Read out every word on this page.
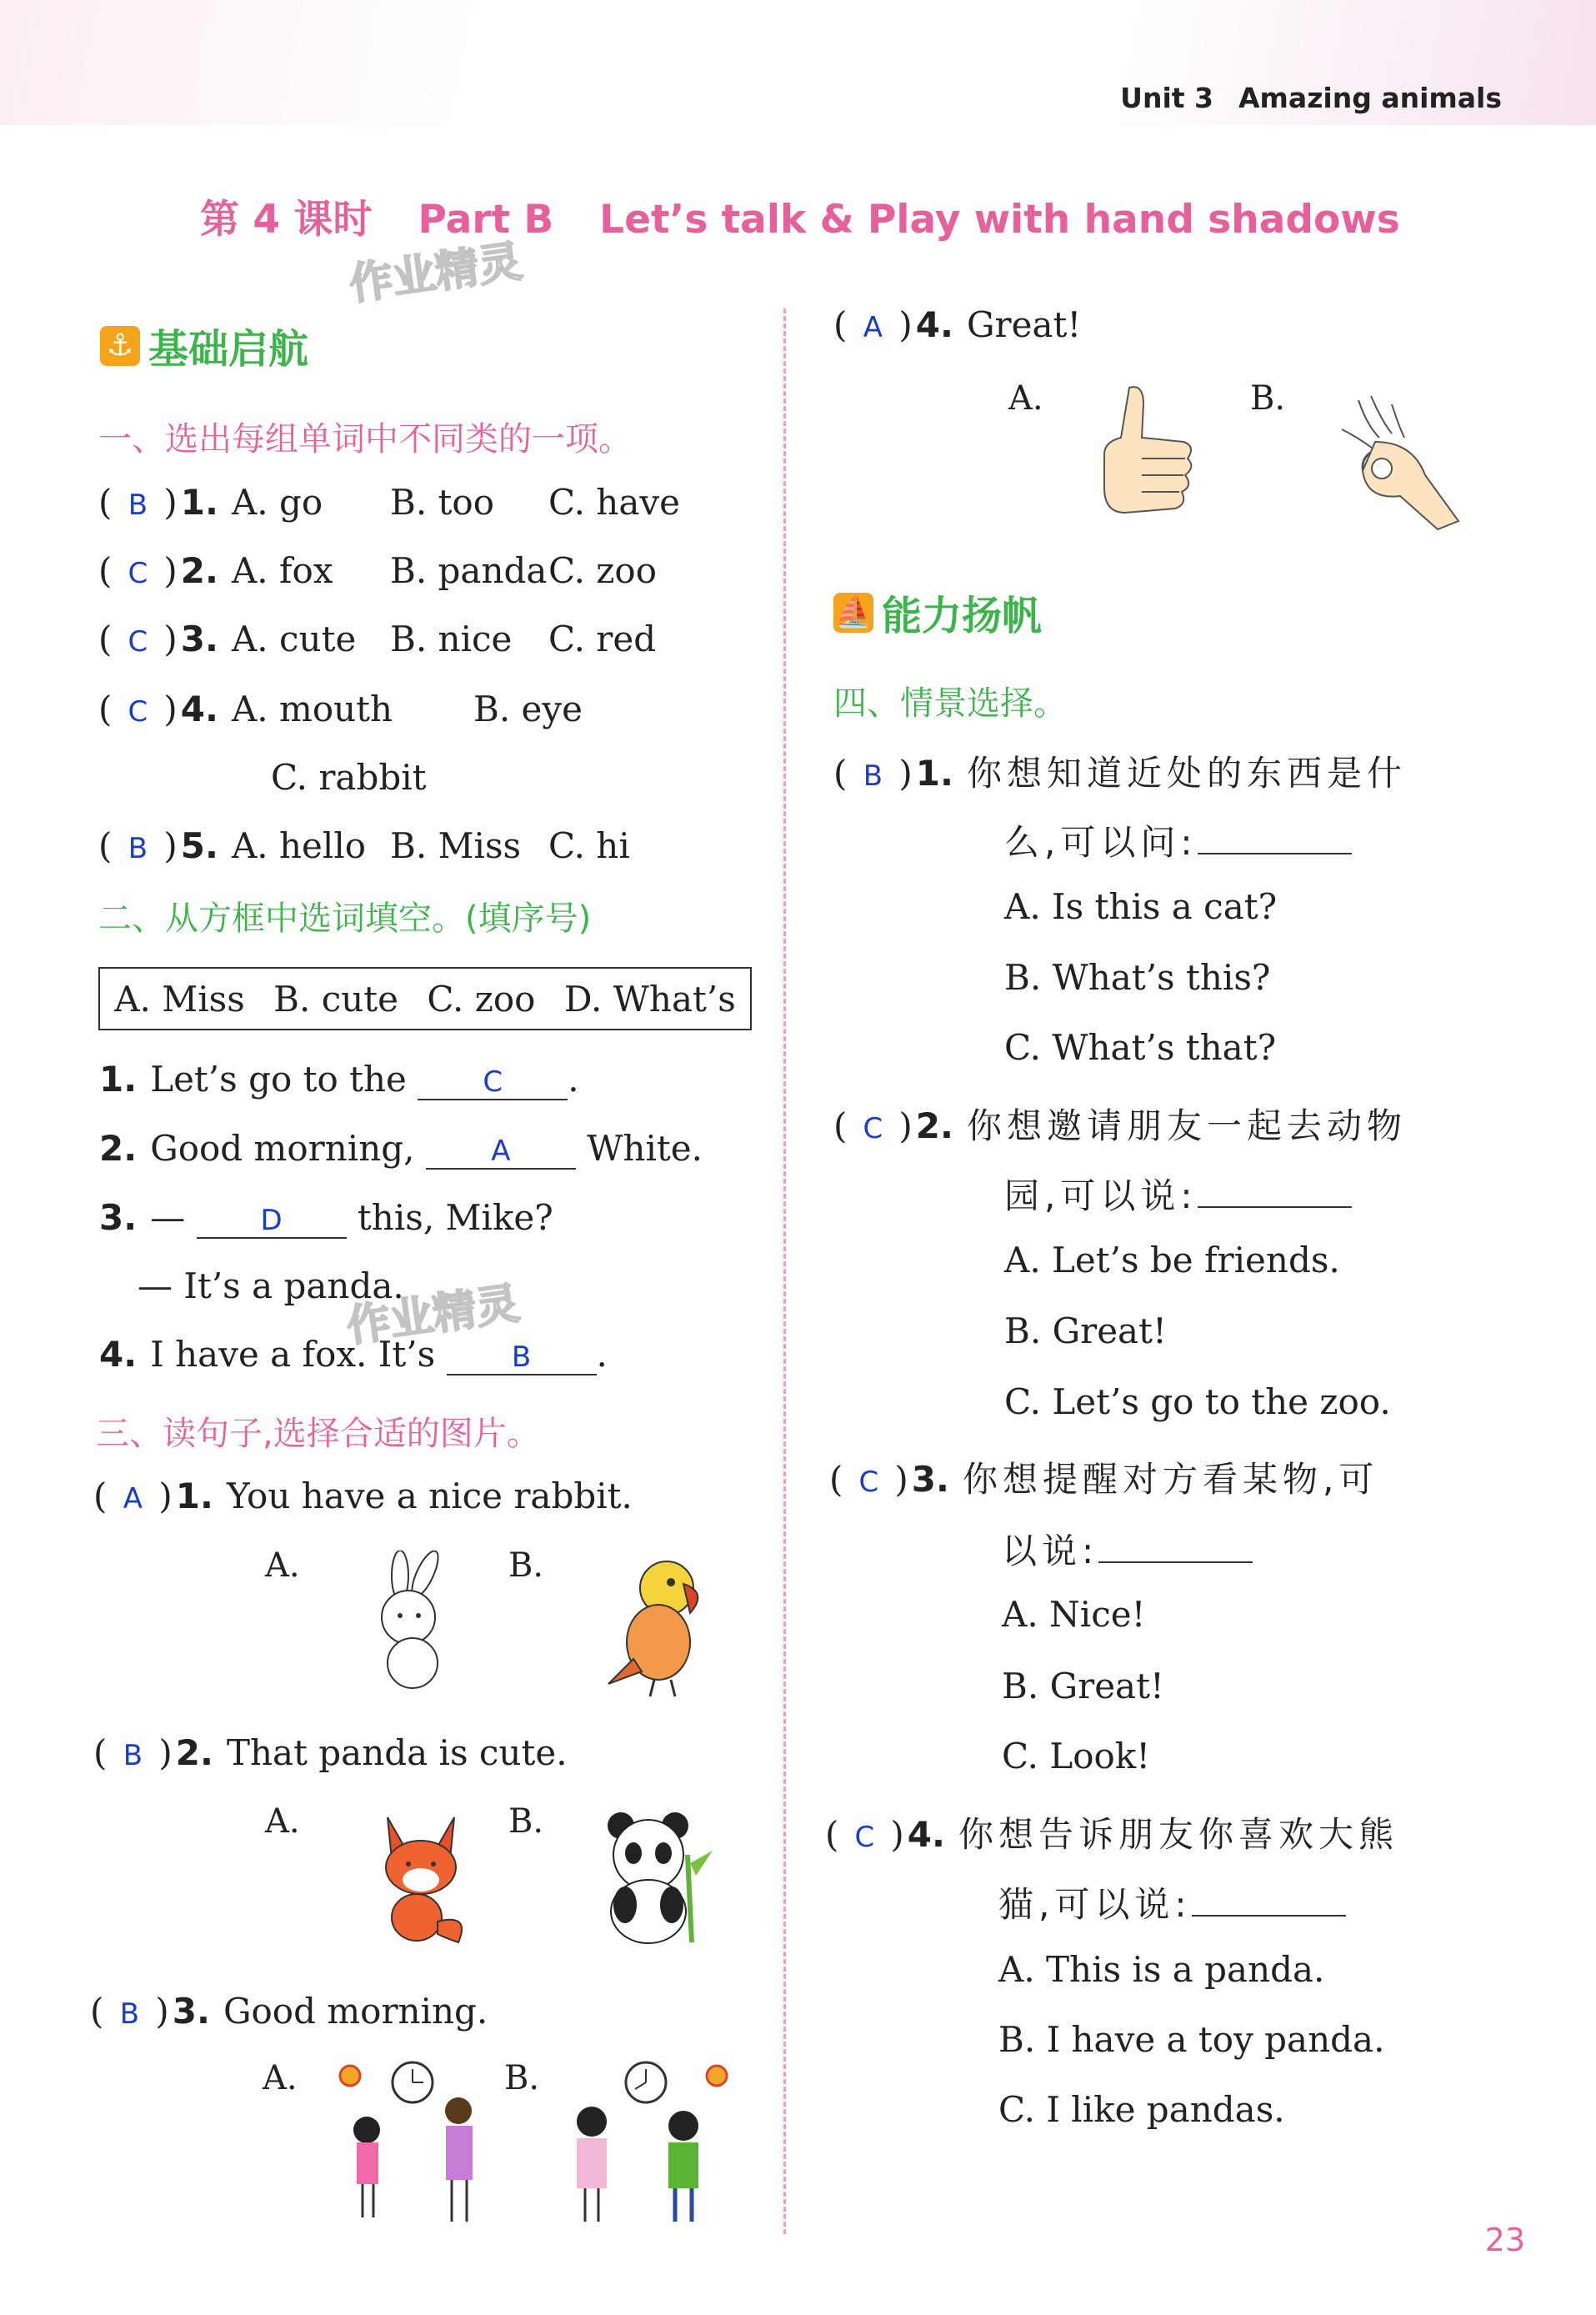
Unit 3 Amazing animals
第 4 课时 Part B Let’s talk & Play with hand shadows
作业精灵
作业精灵
⚓ 基础启航
一、选出每组单词中不同类的一项。
( B )1. A. go B. too C. have
( C )2. A. fox B. pandaC. zoo
( C )3. A. cute B. nice C. red
( C )4. A. mouth B. eye
C. rabbit
( B )5. A. hello B. Miss C. hi
二、从方框中选词填空。(填序号)
A. Miss B. cute C. zoo D. What’s
1. Let’s go to the	C .
2. Good morning,	A White.
3. —	D this, Mike?
— It’s a panda.
4. I have a fox. It’s	B .
三、读句子,选择合适的图片。
( A )1. You have a nice rabbit.
A.	B.
( B )2. That panda is cute.
A.	B.
( B )3. Good morning.
A.	B.
( A )4. Great!
A.	B.
⛵ 能力扬帆
四、情景选择。
( B )1. 你想知道近处的东西是什
么,可以问:
A. Is this a cat?
B. What’s this?
C. What’s that?
( C )2. 你想邀请朋友一起去动物
园,可以说:
A. Let’s be friends.
B. Great!
C. Let’s go to the zoo.
( C )3. 你想提醒对方看某物,可
以说:
A. Nice!
B. Great!
C. Look!
( C )4. 你想告诉朋友你喜欢大熊
猫,可以说:
A. This is a panda.
B. I have a toy panda.
C. I like pandas.
23
